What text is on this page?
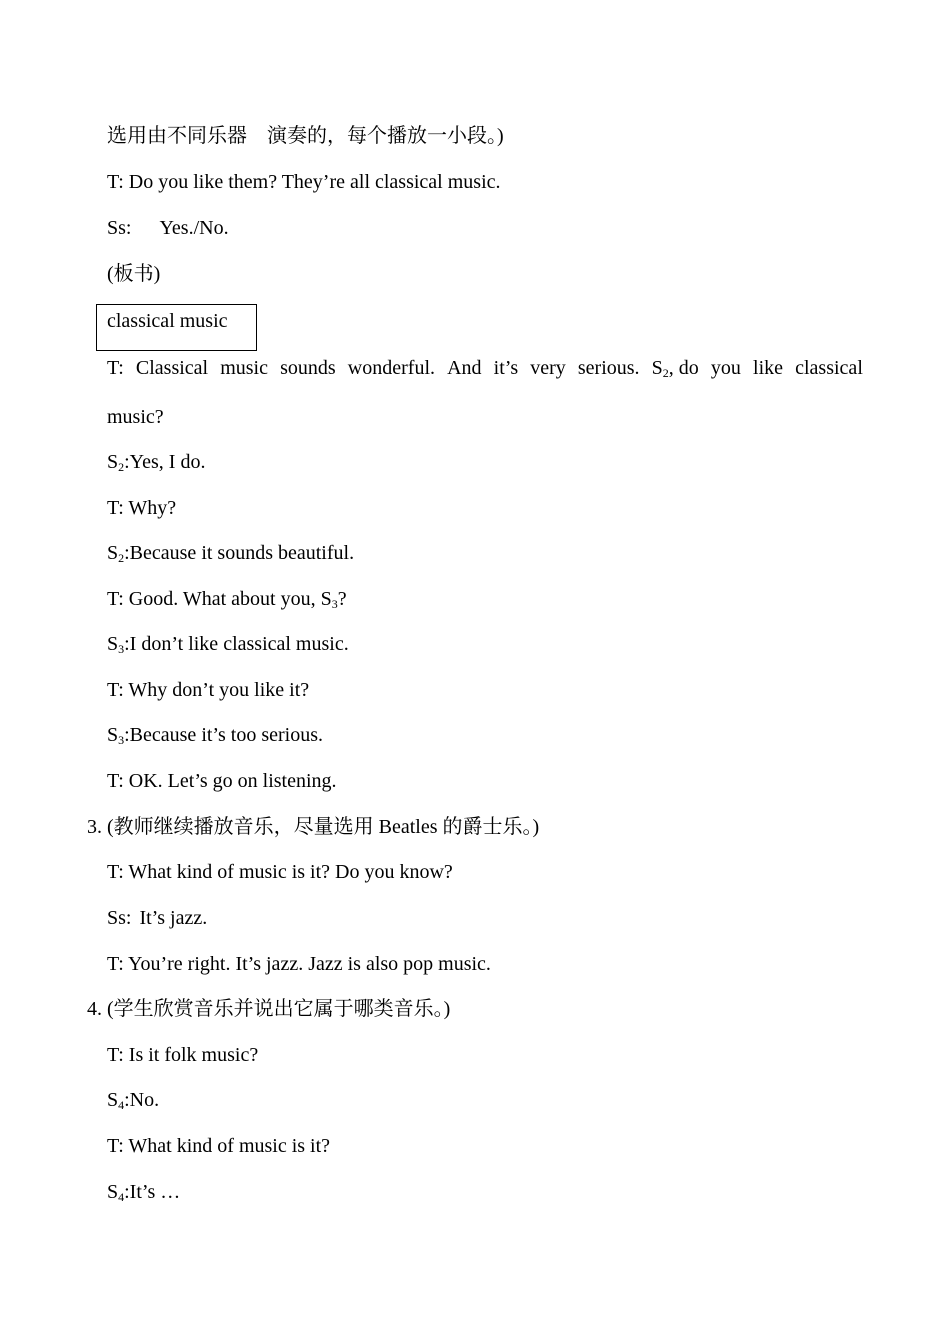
选用由不同乐器　演奏的，每个播放一小段。)
T: Do you like them? They’re all classical music.
Ss: Yes./No.
(板书)
classical music
T: Classical music sounds wonderful. And it’s very serious. $S_2$, do you like classical
music?
$S_2:Yes$, I do.
T: Why?
$S_2:Because$ it sounds beautiful.
T: Good. What about you, $S_3$?
$S_3:I$ don’t like classical music.
T: Why don’t you like it?
$S_3:Because$ it’s too serious.
T: OK. Let’s go on listening.
3. (教师继续播放音乐，尽量选用 Beatles 的爵士乐。)
T: What kind of music is it? Do you know?
Ss: It’s jazz.
T: You’re right. It’s jazz. Jazz is also pop music.
4. (学生欣赏音乐并说出它属于哪类音乐。)
T: Is it folk music?
$S_4:No$.
T: What kind of music is it?
$S_4:It’s$ …
